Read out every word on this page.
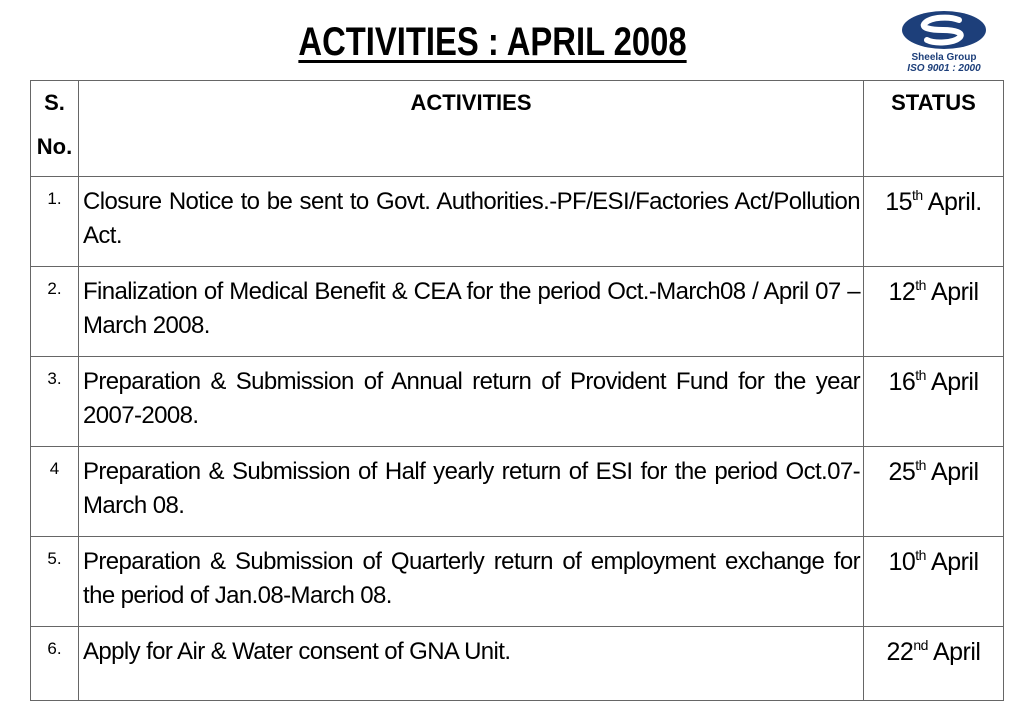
ACTIVITIES : APRIL 2008	Sheela Group
ISO 9001 : 2000
S.
No.	ACTIVITIES	STATUS
1.	Closure Notice to be sent to Govt. Authorities.-PF/ESI/Factories Act/Pollution Act.	15th April.
2.	Finalization of Medical Benefit & CEA for the period Oct.-March08 / April 07 – March 2008.	12th April
3.	Preparation & Submission of Annual return of Provident Fund for the year 2007-2008.	16th April
4	Preparation & Submission of Half yearly return of ESI for the period Oct.07-March 08.	25th April
5.	Preparation & Submission of Quarterly return of employment exchange for the period of Jan.08-March 08.	10th April
6.	Apply for Air & Water consent of GNA Unit.	22nd April
